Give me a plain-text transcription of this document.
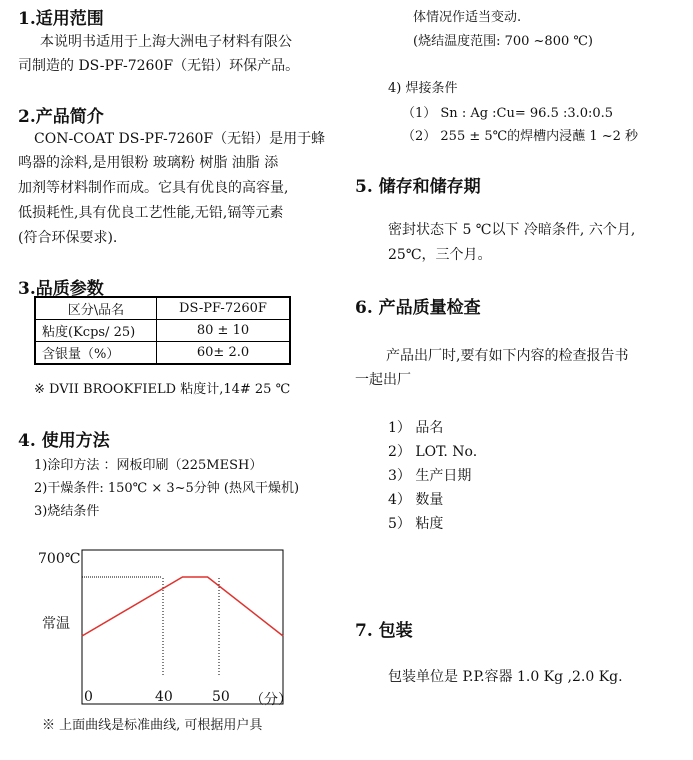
1.适用范围
本说明书适用于上海大洲电子材料有限公
司制造的 DS-PF-7260F（无铅）环保产品。
2.产品简介
CON-COAT DS-PF-7260F（无铅）是用于蜂
鸣器的涂料,是用银粉 玻璃粉 树脂 油脂 添
加剂等材料制作而成。它具有优良的高容量,
低损耗性,具有优良工艺性能,无铅,镉等元素
(符合环保要求).
3.品质参数
区分\品名	DS-PF-7260F
粘度(Kcps/ 25)	80 ± 10
含银量（%）	60± 2.0
※ DVII BROOKFIELD 粘度计,14# 25 ℃
4. 使用方法
1)涂印方法 ：网板印刷（225MESH）
2)干燥条件: 150℃ × 3~5分钟 (热风干燥机)
3)烧结条件
700℃
常温
0	40	50 （分）
※ 上面曲线是标准曲线, 可根据用户具
体情况作适当变动.
(烧结温度范围: 700 ~800 ℃)
4) 焊接条件
（1） Sn : Ag :Cu= 96.5 :3.0:0.5
（2） 255 ± 5℃的焊槽内浸蘸 1 ~2 秒
5. 储存和储存期
密封状态下 5 ℃以下 冷暗条件, 六个月,
25℃，三个月。
6. 产品质量检查
产品出厂时,要有如下内容的检查报告书
一起出厂
1） 品名
2） LOT. No.
3） 生产日期
4） 数量
5） 粘度
7. 包装
包装单位是 P.P.容器 1.0 Kg ,2.0 Kg.
